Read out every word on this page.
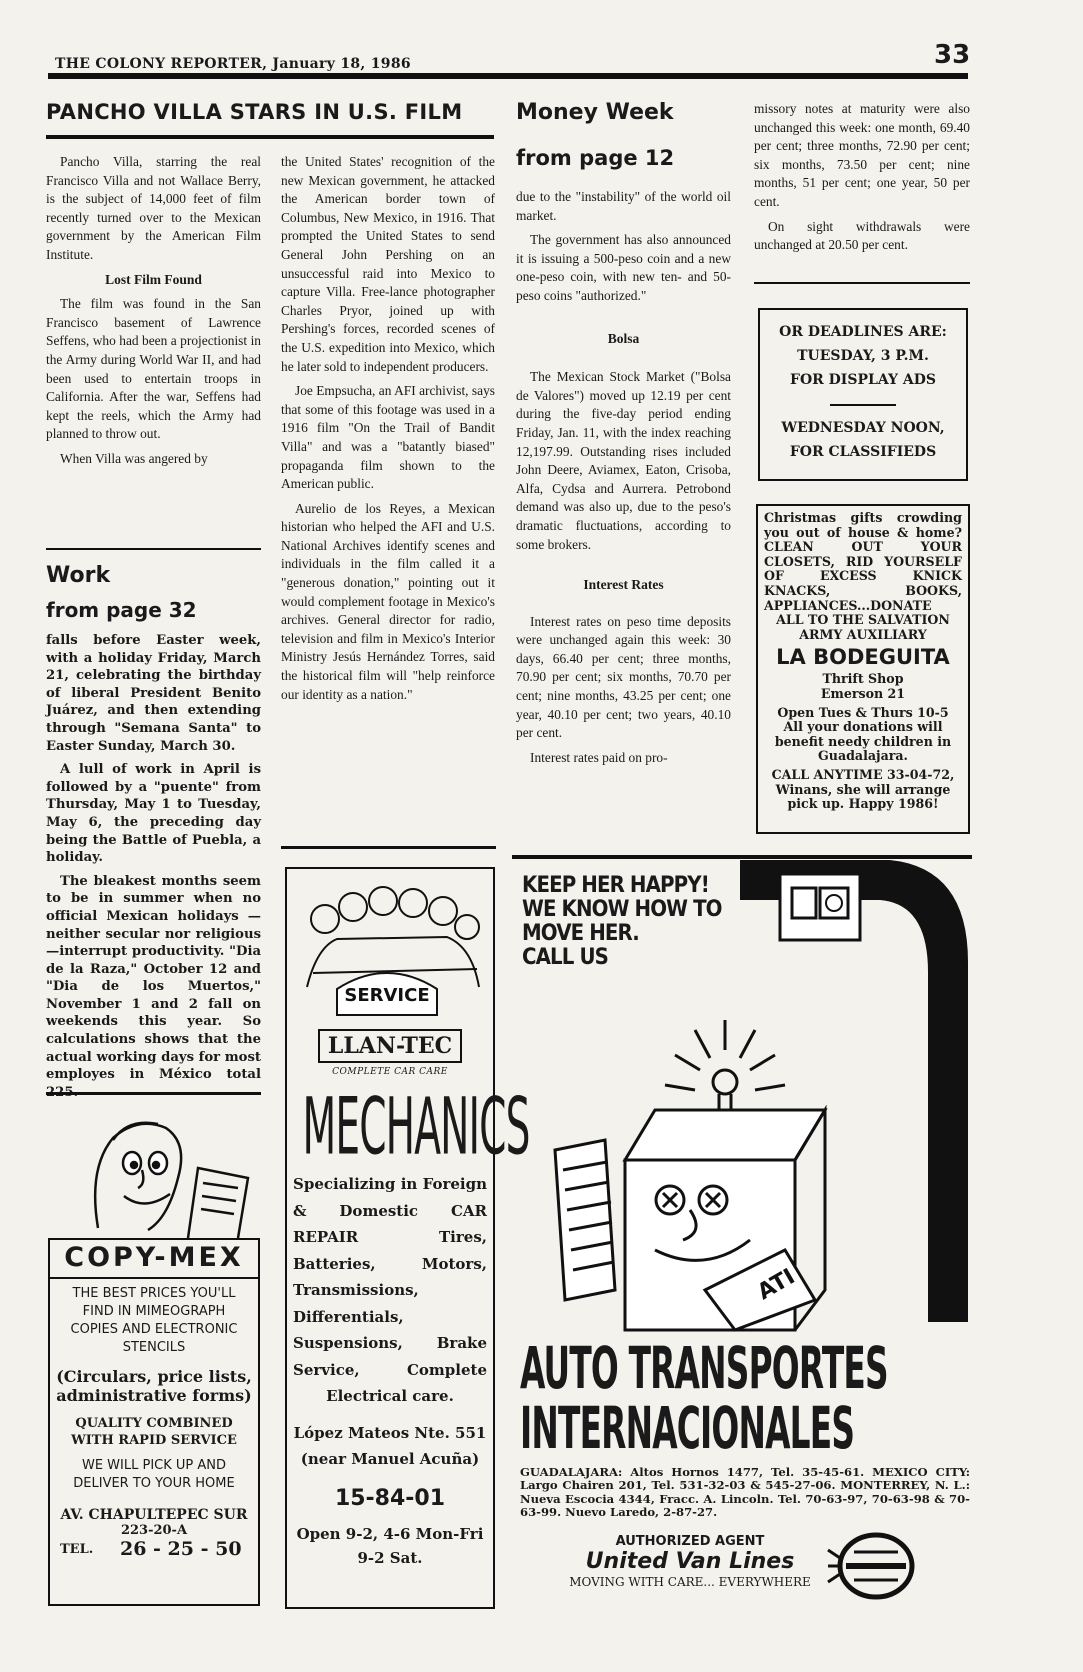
THE COLONY REPORTER, January 18, 1986	33
PANCHO VILLA STARS IN U.S. FILM

Pancho Villa, starring the real Francisco Villa and not Wallace Berry, is the subject of 14,000 feet of film recently turned over to the Mexican government by the American Film Institute.

Lost Film Found

The film was found in the San Francisco basement of Lawrence Seffens, who had been a projectionist in the Army during World War II, and had been used to entertain troops in California. After the war, Seffens had kept the reels, which the Army had planned to throw out.

When Villa was angered by

the United States' recognition of the new Mexican government, he attacked the American border town of Columbus, New Mexico, in 1916. That prompted the United States to send General John Pershing on an unsuccessful raid into Mexico to capture Villa. Free-lance photographer Charles Pryor, joined up with Pershing's forces, recorded scenes of the U.S. expedition into Mexico, which he later sold to independent producers.

Joe Empsucha, an AFI archivist, says that some of this footage was used in a 1916 film "On the Trail of Bandit Villa" and was a "batantly biased" propaganda film shown to the American public.

Aurelio de los Reyes, a Mexican historian who helped the AFI and U.S. National Archives identify scenes and individuals in the film called it a "generous donation," pointing out it would complement footage in Mexico's archives. General director for radio, television and film in Mexico's Interior Ministry Jesús Hernández Torres, said the historical film will "help reinforce our identity as a nation."

Work
from page 32

falls before Easter week, with a holiday Friday, March 21, celebrating the birthday of liberal President Benito Juárez, and then extending through "Semana Santa" to Easter Sunday, March 30.

A lull of work in April is followed by a "puente" from Thursday, May 1 to Tuesday, May 6, the preceding day being the Battle of Puebla, a holiday.

The bleakest months seem to be in summer when no official Mexican holidays — neither secular nor religious —interrupt productivity. "Dia de la Raza," October 12 and "Dia de los Muertos," November 1 and 2 fall on weekends this year. So calculations shows that the actual working days for most employes in México total

Money Week
from page 12

due to the "instability" of the world oil market.

The government has also announced it is issuing a 500-peso coin and a new one-peso coin, with new ten- and 50-peso coins "authorized."

Bolsa

The Mexican Stock Market ("Bolsa de Valores") moved up 12.19 per cent during the five-day period ending Friday, Jan. 11, with the index reaching 12,197.99. Outstanding rises included John Deere, Aviamex, Eaton, Crisoba, Alfa, Cydsa and Aurrera. Petrobond demand was also up, due to the peso's dramatic fluctuations, according to some brokers.

Interest Rates

Interest rates on peso time deposits were unchanged again this week: 30 days, 66.40 per cent; three months, 70.90 per cent; six months, 70.70 per cent; nine months, 43.25 per cent; one year, 40.10 per cent; two years, 40.10 per cent.

Interest rates paid on pro-

missory notes at maturity were also unchanged this week: one month, 69.40 per cent; three months, 72.90 per cent; six months, 73.50 per cent; nine months, 51 per cent; one year, 50 per cent.

On sight withdrawals were unchanged at 20.50 per cent.

OR DEADLINES ARE:
TUESDAY, 3 P.M.
FOR DISPLAY ADS
WEDNESDAY NOON,
FOR CLASSIFIEDS
Christmas gifts crowding you out of house & home? CLEAN OUT YOUR CLOSETS, RID YOURSELF OF EXCESS KNICK KNACKS, BOOKS, APPLIANCES...DONATE
ALL TO THE SALVATION ARMY AUXILIARY
LA BODEGUITA
Thrift Shop
Emerson 21
Open Tues & Thurs 10-5
All your donations will benefit needy children in Guadalajara.
CALL ANYTIME 33-04-72, Winans, she will arrange pick up. Happy 1986!
SERVICE
LLAN-TEC
COMPLETE CAR CARE
MECHANICS
Specializing in Foreign & Domestic CAR REPAIR Tires, Batteries, Motors, Transmissions, Differentials, Suspensions, Brake Service, Complete Electrical care.
López Mateos Nte. 551
(near Manuel Acuña)
15-84-01
Open 9-2, 4-6 Mon-Fri
9-2 Sat.
COPY-MEX
THE BEST PRICES YOU'LL FIND IN MIMEOGRAPH COPIES AND ELECTRONIC STENCILS
(Circulars, price lists, administrative forms)
QUALITY COMBINED WITH RAPID SERVICE
WE WILL PICK UP AND DELIVER TO YOUR HOME
AV. CHAPULTEPEC SUR
223-20-A
TEL. 26 - 25 - 50
KEEP HER HAPPY!
WE KNOW HOW TO
MOVE HER.
CALL US
ATI
AUTO TRANSPORTES
INTERNACIONALES
GUADALAJARA: Altos Hornos 1477, Tel. 35-45-61. MEXICO CITY: Largo Chairen 201, Tel. 531-32-03 & 545-27-06. MONTERREY, N. L.: Nueva Escocia 4344, Fracc. A. Lincoln. Tel. 70-63-97, 70-63-98 & 70-63-99. Nuevo Laredo, 2-87-27.
AUTHORIZED AGENT
United Van Lines
MOVING WITH CARE... EVERYWHERE
